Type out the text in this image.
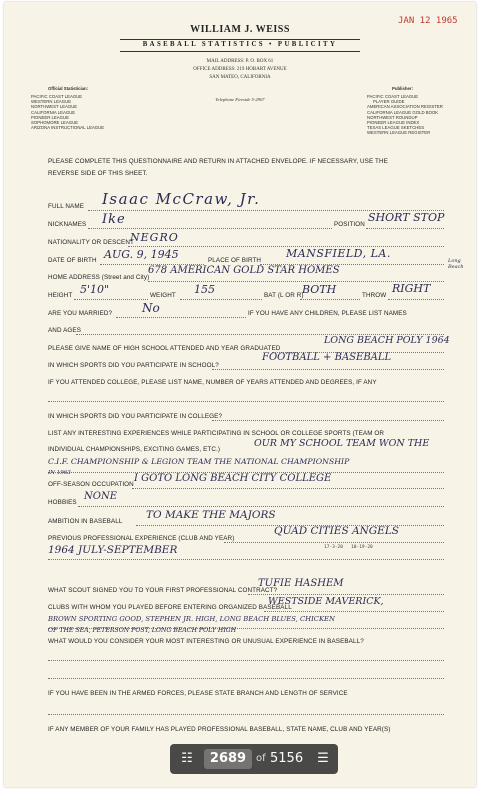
WILLIAM J. WEISS
BASEBALL STATISTICS • PUBLICITY
JAN 12 1965
MAIL ADDRESS: P. O. BOX 61
OFFICE ADDRESS: 219 HOBART AVENUE
SAN MATEO, CALIFORNIA
Telephone Fireside 5-2907
Official Statistician:
PACIFIC COAST LEAGUE
WESTERN LEAGUE
NORTHWEST LEAGUE
CALIFORNIA LEAGUE
PIONEER LEAGUE
SOPHOMORE LEAGUE
ARIZONA INSTRUCTIONAL LEAGUE
Publisher:
PACIFIC COAST LEAGUE
PLAYER GUIDE
AMERICAN ASSOCIATION REGISTER
CALIFORNIA LEAGUE GOLD BOOK
NORTHWEST ROUNDUP
PIONEER LEAGUE INDEX
TEXAS LEAGUE SKETCHES
WESTERN LEAGUE REGISTER
PLEASE COMPLETE THIS QUESTIONNAIRE AND RETURN IN ATTACHED ENVELOPE. IF NECESSARY, USE THE
REVERSE SIDE OF THIS SHEET.
FULL NAME Isaac McCraw, Jr.
NICKNAMES Ike	POSITION
SHORT STOP
NATIONALITY OR DESCENT
NEGRO
DATE OF BIRTH AUG. 9, 1945	PLACE OF BIRTH
MANSFIELD, LA.
HOME ADDRESS (Street and City)
678 AMERICAN GOLD STAR HOMES
Long Beach
HEIGHT 5'10"	WEIGHT 155	BAT (L OR R)
BOTH	THROW
RIGHT
ARE YOU MARRIED? No	IF YOU HAVE ANY CHILDREN, PLEASE LIST NAMES
AND AGES
PLEASE GIVE NAME OF HIGH SCHOOL ATTENDED AND YEAR GRADUATED
LONG BEACH POLY 1964
IN WHICH SPORTS DID YOU PARTICIPATE IN SCHOOL?
FOOTBALL + BASEBALL
IF YOU ATTENDED COLLEGE, PLEASE LIST NAME, NUMBER OF YEARS ATTENDED AND DEGREES, IF ANY
IN WHICH SPORTS DID YOU PARTICIPATE IN COLLEGE?
LIST ANY INTERESTING EXPERIENCES WHILE PARTICIPATING IN SCHOOL OR COLLEGE SPORTS (TEAM OR
INDIVIDUAL CHAMPIONSHIPS, EXCITING GAMES, ETC.)
OUR MY SCHOOL TEAM WON THE
C.I.F. CHAMPIONSHIP & LEGION TEAM THE NATIONAL CHAMPIONSHIP
IN 1963
OFF-SEASON OCCUPATION
I GOTO LONG BEACH CITY COLLEGE
HOBBIES
NONE
AMBITION IN BASEBALL
TO MAKE THE MAJORS
PREVIOUS PROFESSIONAL EXPERIENCE (CLUB AND YEAR)
QUAD CITIES ANGELS
17-3-20   10-19-20
1964 JULY-SEPTEMBER
WHAT SCOUT SIGNED YOU TO YOUR FIRST PROFESSIONAL CONTRACT?
TUFIE HASHEM
CLUBS WITH WHOM YOU PLAYED BEFORE ENTERING ORGANIZED BASEBALL
WESTSIDE MAVERICK,
BROWN SPORTING GOOD, STEPHEN JR. HIGH, LONG BEACH BLUES, CHICKEN
OF THE SEA, PETERSON POST, LONG BEACH POLY HIGH
WHAT WOULD YOU CONSIDER YOUR MOST INTERESTING OR UNUSUAL EXPERIENCE IN BASEBALL?
IF YOU HAVE BEEN IN THE ARMED FORCES, PLEASE STATE BRANCH AND LENGTH OF SERVICE
IF ANY MEMBER OF YOUR FAMILY HAS PLAYED PROFESSIONAL BASEBALL, STATE NAME, CLUB AND YEAR(S)
☷	2689 of 5156 ☰
